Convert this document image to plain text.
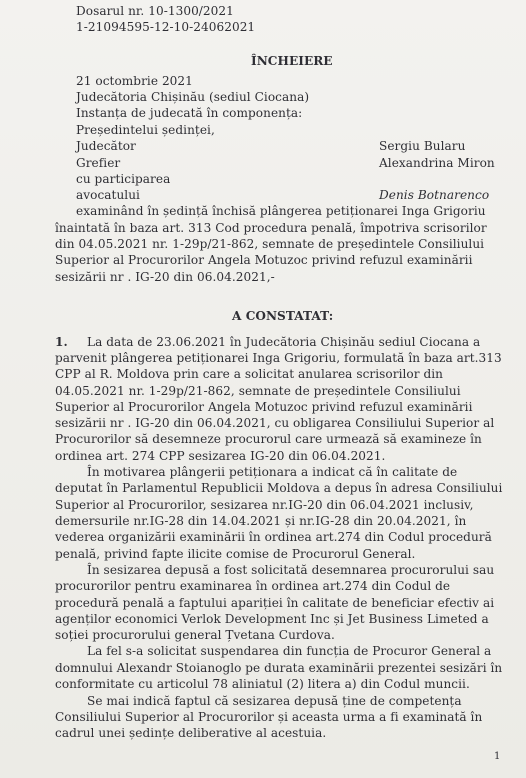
Dosarul nr. 10-1300/2021
1-21094595-12-10-24062021
ÎNCHEIERE
21 octombrie 2021
Judecătoria Chișinău (sediul Ciocana)
Instanța de judecată în componența:
Președintelui ședinței,
Judecător	Sergiu Bularu
Grefier	Alexandrina Miron
cu participarea
avocatului	Denis Botnarenco
examinând în ședință închisă plângerea petiționarei Inga Grigoriu
înaintată în baza art. 313 Cod procedura penală, împotriva scrisorilor
din 04.05.2021 nr. 1-29p/21-862, semnate de președintele Consiliului
Superior al Procurorilor Angela Motuzoc privind refuzul examinării
sesizării nr . IG-20 din 06.04.2021,-
A CONSTATAT:
1. La data de 23.06.2021 în Judecătoria Chișinău sediul Ciocana a
parvenit plângerea petiționarei Inga Grigoriu, formulată în baza art.313
CPP al R. Moldova prin care a solicitat anularea scrisorilor din
04.05.2021 nr. 1-29p/21-862, semnate de președintele Consiliului
Superior al Procurorilor Angela Motuzoc privind refuzul examinării
sesizării nr . IG-20 din 06.04.2021, cu obligarea Consiliului Superior al
Procurorilor să desemneze procurorul care urmează să examineze în
ordinea art. 274 CPP sesizarea IG-20 din 06.04.2021.
În motivarea plângerii petiționara a indicat că în calitate de
deputat în Parlamentul Republicii Moldova a depus în adresa Consiliului
Superior al Procurorilor, sesizarea nr.IG-20 din 06.04.2021 inclusiv,
demersurile nr.IG-28 din 14.04.2021 și nr.IG-28 din 20.04.2021, în
vederea organizării examinării în ordinea art.274 din Codul procedură
penală, privind fapte ilicite comise de Procurorul General.
În sesizarea depusă a fost solicitată desemnarea procurorului sau
procurorilor pentru examinarea în ordinea art.274 din Codul de
procedură penală a faptului apariției în calitate de beneficiar efectiv ai
agenților economici Verlok Development Inc și Jet Business Limeted a
soției procurorului general Țvetana Curdova.
La fel s-a solicitat suspendarea din funcția de Procuror General a
domnului Alexandr Stoianoglo pe durata examinării prezentei sesizări în
conformitate cu articolul 78 aliniatul (2) litera a) din Codul muncii.
Se mai indică faptul că sesizarea depusă ține de competența
Consiliului Superior al Procurorilor și aceasta urma a fi examinată în
cadrul unei ședințe deliberative al acestuia.
1
